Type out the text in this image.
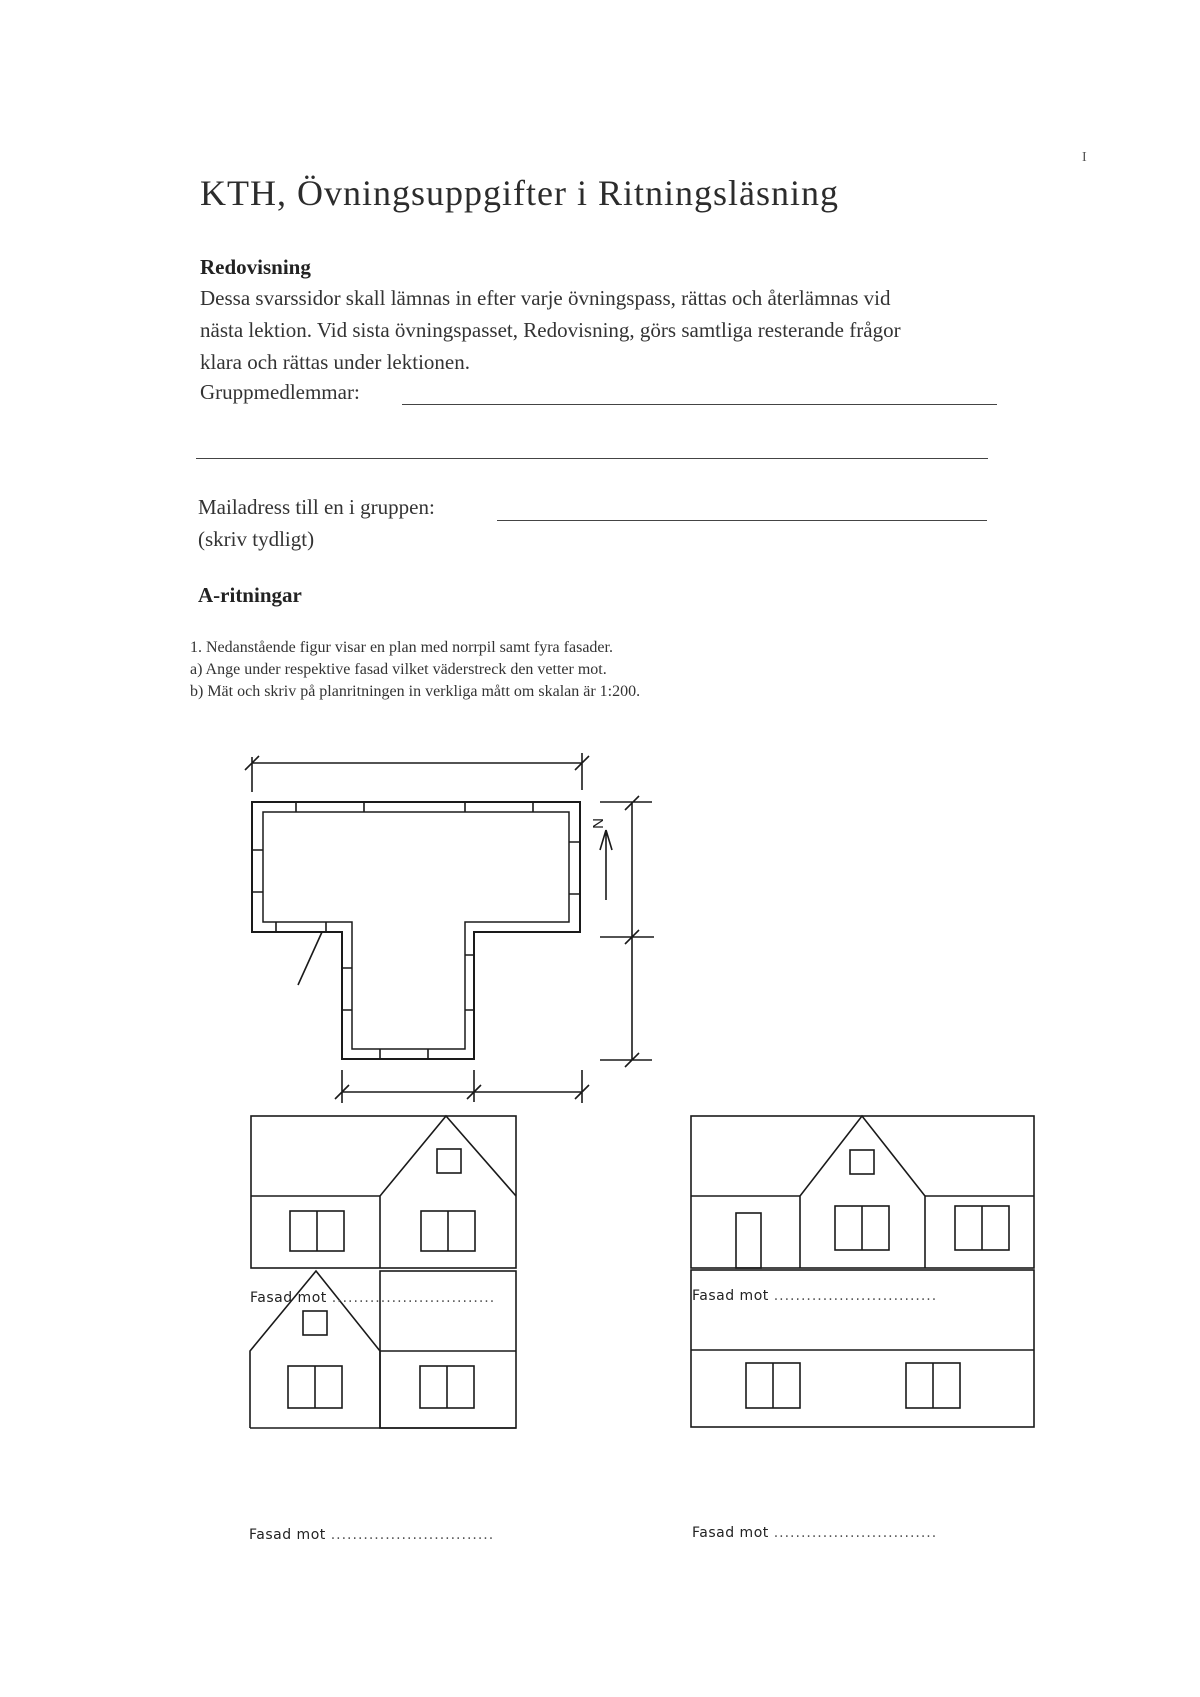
I
KTH, Övningsuppgifter i Ritningsläsning
Redovisning
Dessa svarssidor skall lämnas in efter varje övningspass, rättas och återlämnas vid
nästa lektion. Vid sista övningspasset, Redovisning, görs samtliga resterande frågor
klara och rättas under lektionen.
Gruppmedlemmar:
Mailadress till en i gruppen:
(skriv tydligt)
A-ritningar
1. Nedanstående figur visar en plan med norrpil samt fyra fasader.
a) Ange under respektive fasad vilket väderstreck den vetter mot.
b) Mät och skriv på planritningen in verkliga mått om skalan är 1:200.
N
Fasad mot ..............................	Fasad mot ..............................
Fasad mot ..............................	Fasad mot ..............................
